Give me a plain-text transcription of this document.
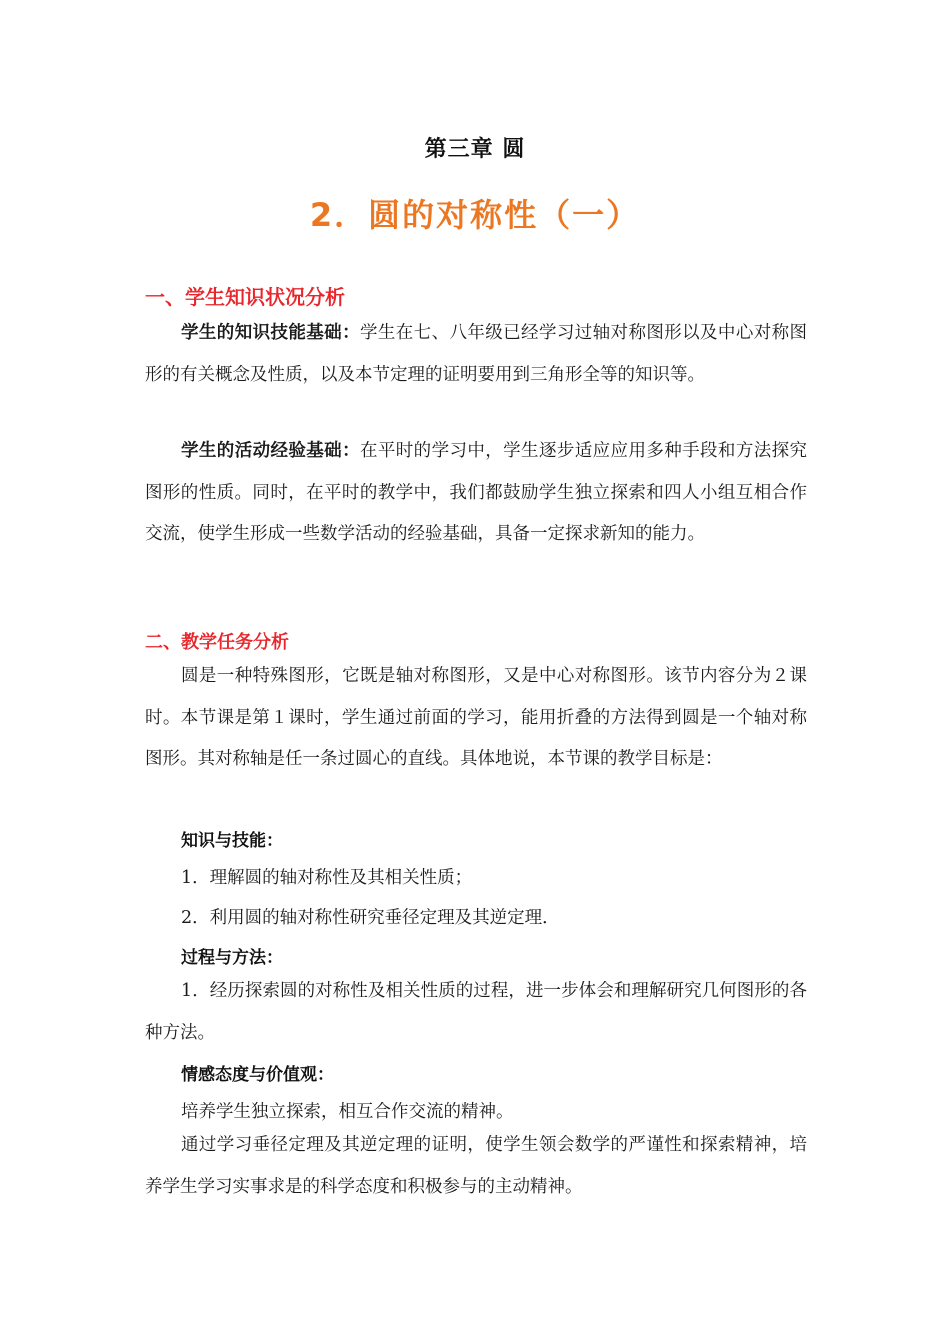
第三章 圆
2．圆的对称性（一）
一、学生知识状况分析
学生的知识技能基础：学生在七、八年级已经学习过轴对称图形以及中心对称图形的有关概念及性质，以及本节定理的证明要用到三角形全等的知识等。
学生的活动经验基础：在平时的学习中，学生逐步适应应用多种手段和方法探究图形的性质。同时，在平时的教学中，我们都鼓励学生独立探索和四人小组互相合作交流，使学生形成一些数学活动的经验基础，具备一定探求新知的能力。
二、教学任务分析
圆是一种特殊图形，它既是轴对称图形，又是中心对称图形。该节内容分为２课时。本节课是第１课时，学生通过前面的学习，能用折叠的方法得到圆是一个轴对称图形。其对称轴是任一条过圆心的直线。具体地说，本节课的教学目标是：
知识与技能：
1．理解圆的轴对称性及其相关性质；
2．利用圆的轴对称性研究垂径定理及其逆定理．
过程与方法：
1．经历探索圆的对称性及相关性质的过程，进一步体会和理解研究几何图形的各种方法。
情感态度与价值观：
培养学生独立探索，相互合作交流的精神。
通过学习垂径定理及其逆定理的证明，使学生领会数学的严谨性和探索精神，培养学生学习实事求是的科学态度和积极参与的主动精神。
